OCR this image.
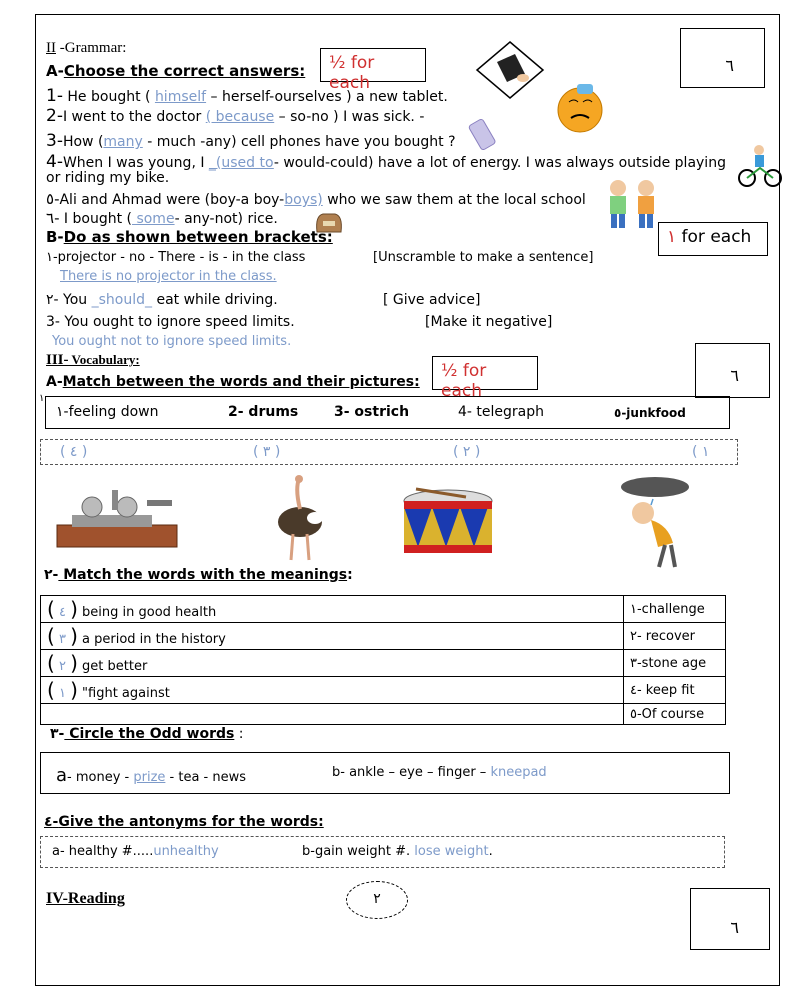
٦
II -Grammar:
A-Choose the correct answers:	½ for each
1- He bought ( himself – herself-ourselves ) a new tablet.
2-I went to the doctor ( because – so-no ) I was sick. -
3-How (many - much -any) cell phones have you bought ?
4-When I was young, I _(used to- would-could) have a lot of energy. I was always outside playing
or riding my bike.
٥-Ali and Ahmad were (boy-a boy-boys) who we saw them at the local school
٦- I bought ( some- any-not) rice.
B-Do as shown between brackets:	١ for each
١-projector - no - There - is - in the class	[Unscramble to make a sentence]
There is no projector in the class.
٢- You _should_ eat while driving.	[ Give advice]
3- You ought to ignore speed limits.	[Make it negative]
You ought not to ignore speed limits.
٦
III- Vocabulary:
½ for each
A-Match between the words and their pictures:
١
١-feeling down	2- drums	3- ostrich	4- telegraph	٥-junkfood
( ٤ )	( ٣ )	( ٢ )	( ١
٢- Match the words with the meanings:
( ٤ ) being in good health	١-challenge
( ٣ ) a period in the history	٢- recover
( ٢ ) get better	٣-stone age
( ١ ) "fight against	٤- keep fit
	٥-Of course
٣- Circle the Odd words :
a- money - prize - tea - news	b- ankle – eye – finger – kneepad
٤-Give the antonyms for the words:
a- healthy #.....unhealthy	b-gain weight #. lose weight.
IV-Reading	٢
٦
